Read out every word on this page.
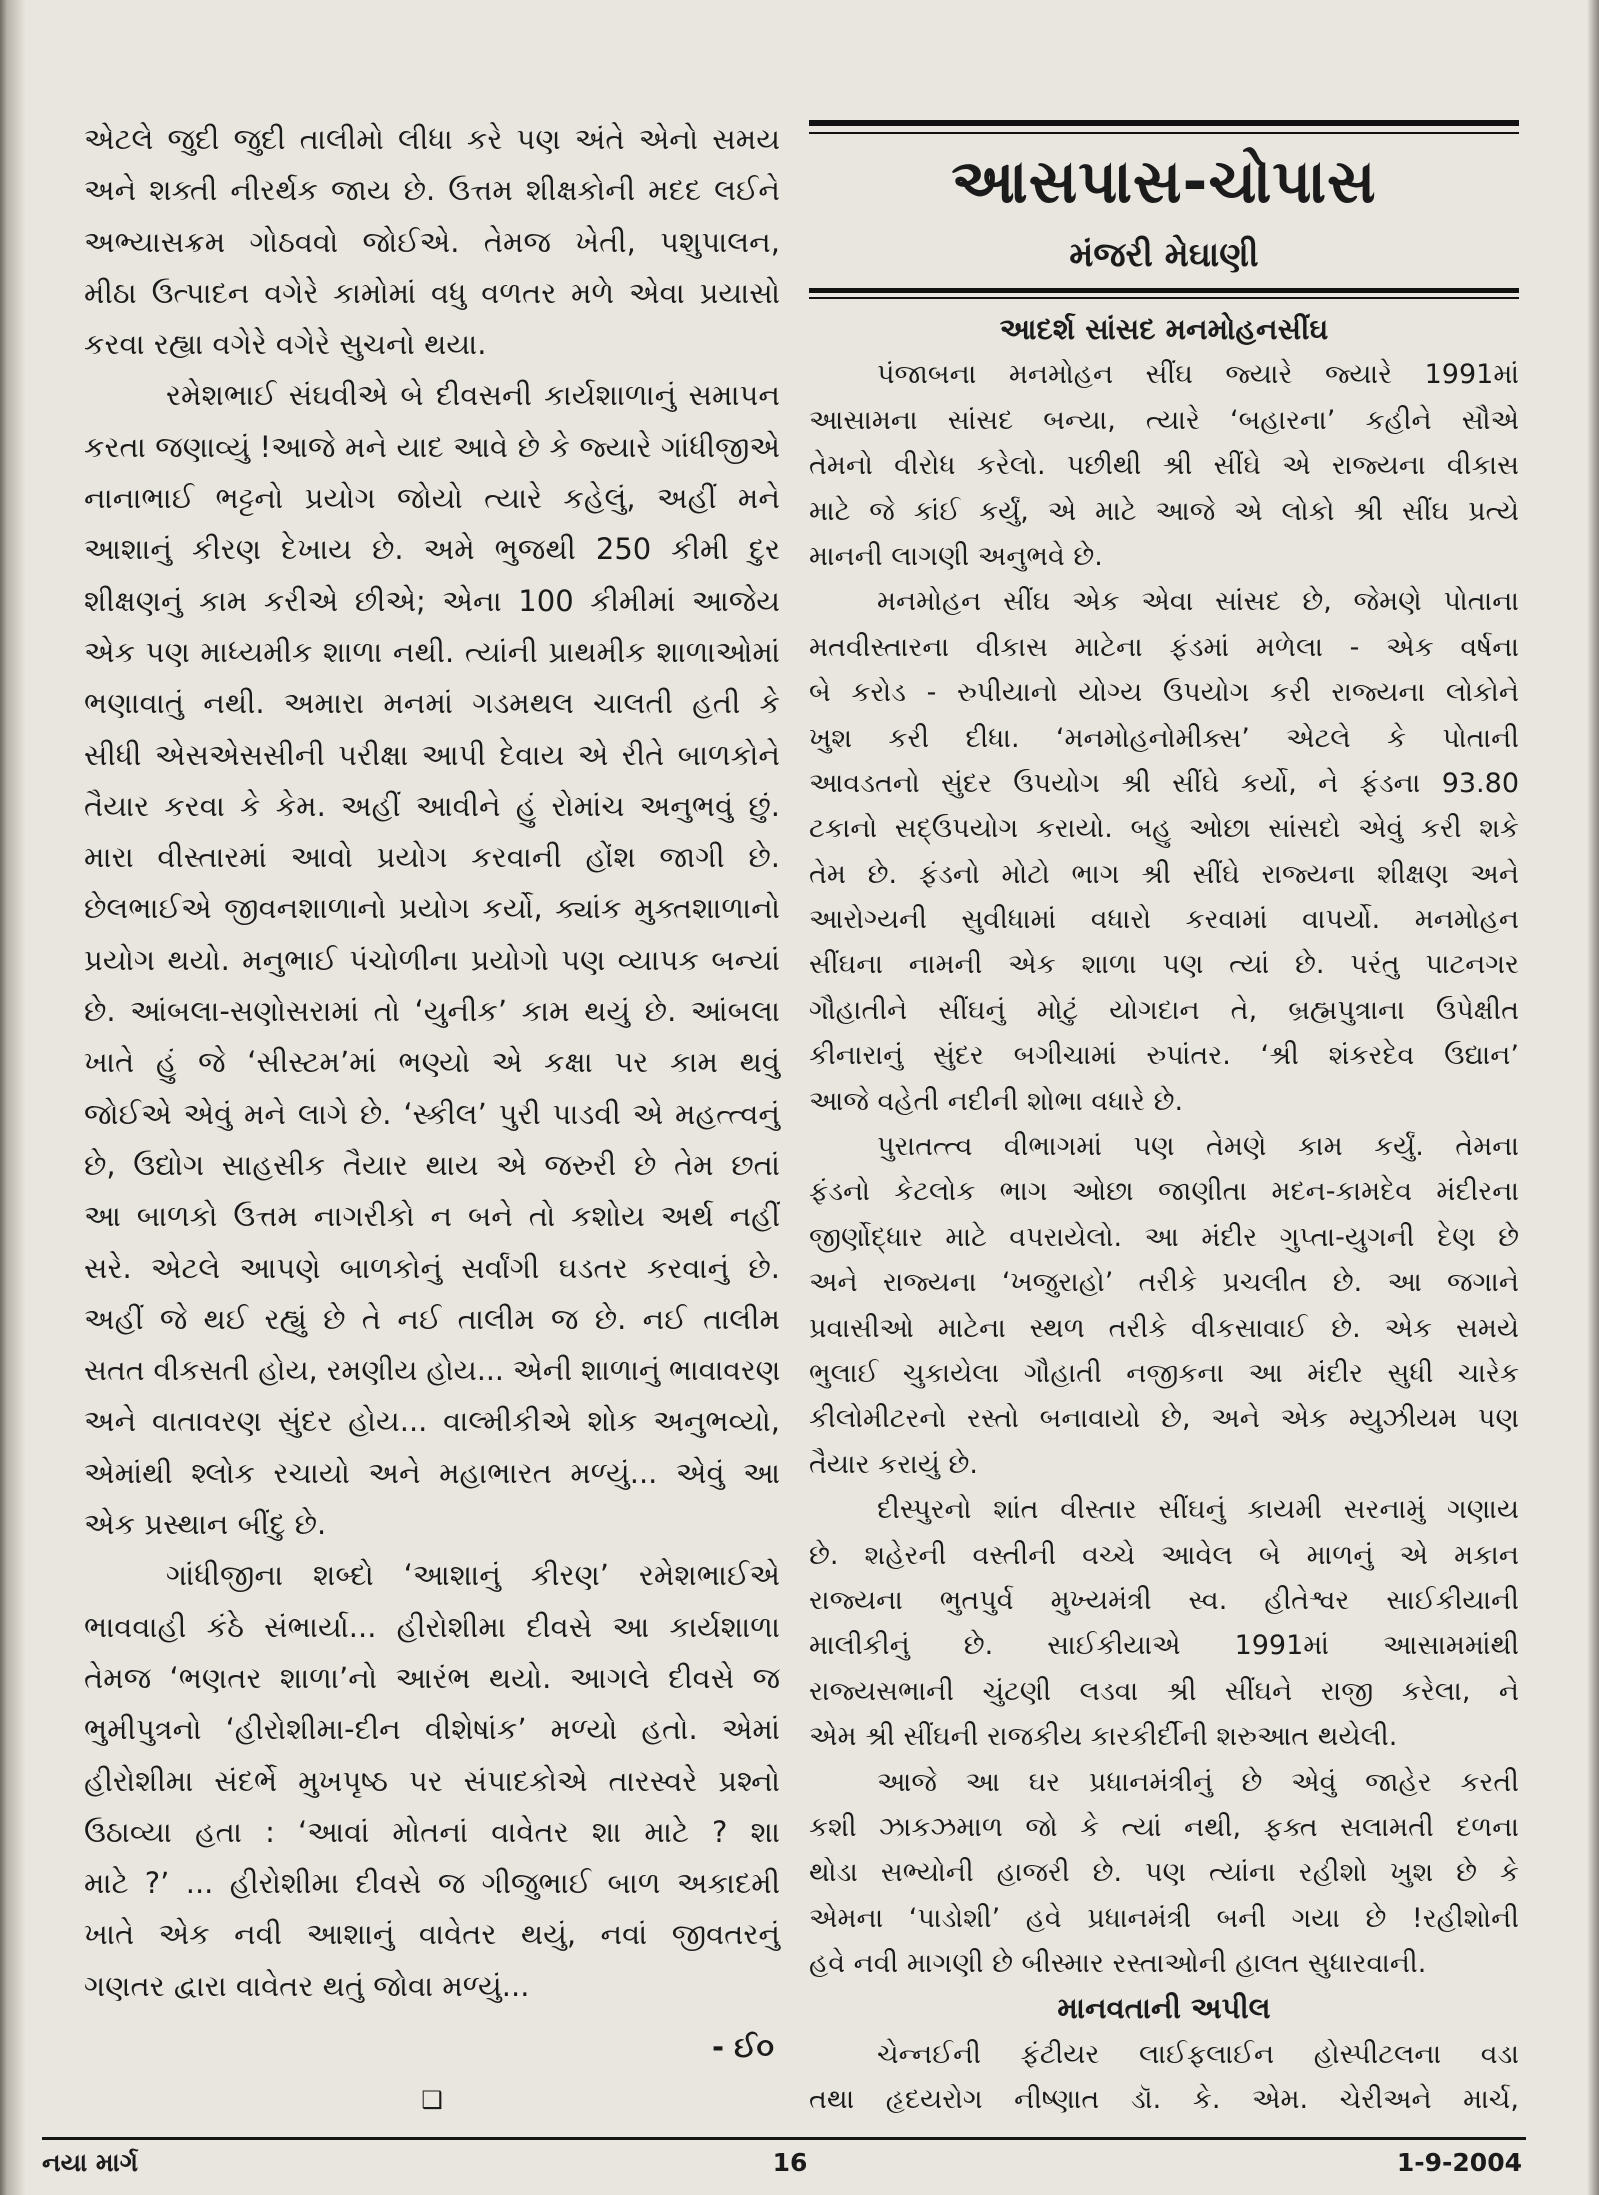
એટલે જુદી જુદી તાલીમો લીધા કરે પણ અંતે એનો સમય
અને શક્તી નીરર્થક જાય છે. ઉત્તમ શીક્ષકોની મદદ લઈને
અભ્યાસક્રમ ગોઠવવો જોઈએ. તેમજ ખેતી, પશુપાલન,
મીઠા ઉત્પાદન વગેરે કામોમાં વધુ વળતર મળે એવા પ્રયાસો
કરવા રહ્યા વગેરે વગેરે સુચનો થયા.
રમેશભાઈ સંઘવીએ બે દીવસની કાર્યશાળાનું સમાપન
કરતા જણાવ્યું !આજે મને યાદ આવે છે કે જ્યારે ગાંધીજીએ
નાનાભાઈ ભટ્ટનો પ્રયોગ જોયો ત્યારે કહેલું, અહીં મને
આશાનું કીરણ દેખાય છે. અમે ભુજથી 250 કીમી દુર
શીક્ષણનું કામ કરીએ છીએ; એના 100 કીમીમાં આજેય
એક પણ માધ્યમીક શાળા નથી. ત્યાંની પ્રાથમીક શાળાઓમાં
ભણાવાતું નથી. અમારા મનમાં ગડમથલ ચાલતી હતી કે
સીધી એસએસસીની પરીક્ષા આપી દેવાય એ રીતે બાળકોને
તૈયાર કરવા કે કેમ. અહીં આવીને હું રોમાંચ અનુભવું છું.
મારા વીસ્તારમાં આવો પ્રયોગ કરવાની હોંશ જાગી છે.
છેલભાઈએ જીવનશાળાનો પ્રયોગ કર્યો, ક્યાંક મુક્તશાળાનો
પ્રયોગ થયો. મનુભાઈ પંચોળીના પ્રયોગો પણ વ્યાપક બન્યાં
છે. આંબલા-સણોસરામાં તો ‘યુનીક’ કામ થયું છે. આંબલા
ખાતે હું જે ‘સીસ્ટમ’માં ભણ્યો એ કક્ષા પર કામ થવું
જોઈએ એવું મને લાગે છે. ‘સ્કીલ’ પુરી પાડવી એ મહત્ત્વનું
છે, ઉદ્યોગ સાહસીક તૈયાર થાય એ જરુરી છે તેમ છતાં
આ બાળકો ઉત્તમ નાગરીકો ન બને તો કશોય અર્થ નહીં
સરે. એટલે આપણે બાળકોનું સર્વાંગી ઘડતર કરવાનું છે.
અહીં જે થઈ રહ્યું છે તે નઈ તાલીમ જ છે. નઈ તાલીમ
સતત વીકસતી હોય, રમણીય હોય... એની શાળાનું ભાવાવરણ
અને વાતાવરણ સુંદર હોય... વાલ્મીકીએ શોક અનુભવ્યો,
એમાંથી શ્લોક રચાયો અને મહાભારત મળ્યું... એવું આ
એક પ્રસ્થાન બીંદુ છે.
ગાંધીજીના શબ્દો ‘આશાનું કીરણ’ રમેશભાઈએ
ભાવવાહી કંઠે સંભાર્યા... હીરોશીમા દીવસે આ કાર્યશાળા
તેમજ ‘ભણતર શાળા’નો આરંભ થયો. આગલે દીવસે જ
ભુમીપુત્રનો ‘હીરોશીમા-દીન વીશેષાંક’ મળ્યો હતો. એમાં
હીરોશીમા સંદર્ભે મુખપૃષ્ઠ પર સંપાદકોએ તારસ્વરે પ્રશ્નો
ઉઠાવ્યા હતા : ‘આવાં મોતનાં વાવેતર શા માટે ? શા
માટે ?’ ... હીરોશીમા દીવસે જ ગીજુભાઈ બાળ અકાદમી
ખાતે એક નવી આશાનું વાવેતર થયું, નવાં જીવતરનું
ગણતર દ્વારા વાવેતર થતું જોવા મળ્યું...
- ઈ૦
❑
આસપાસ-ચોપાસ
મંજરી મેઘાણી
આદર્શ સાંસદ મનમોહનસીંઘ
પંજાબના મનમોહન સીંઘ જ્યારે જ્યારે 1991માં
આસામના સાંસદ બન્યા, ત્યારે ‘બહારના’ કહીને સૌએ
તેમનો વીરોધ કરેલો. પછીથી શ્રી સીંઘે એ રાજ્યના વીકાસ
માટે જે કાંઈ કર્યું, એ માટે આજે એ લોકો શ્રી સીંઘ પ્રત્યે
માનની લાગણી અનુભવે છે.
મનમોહન સીંઘ એક એવા સાંસદ છે, જેમણે પોતાના
મતવીસ્તારના વીકાસ માટેના ફંડમાં મળેલા - એક વર્ષના
બે કરોડ - રુપીયાનો યોગ્ય ઉપયોગ કરી રાજ્યના લોકોને
ખુશ કરી દીધા. ‘મનમોહનોમીક્સ’ એટલે કે પોતાની
આવડતનો સુંદર ઉપયોગ શ્રી સીંઘે કર્યો, ને ફંડના 93.80
ટકાનો સદ્ઉપયોગ કરાયો. બહુ ઓછા સાંસદો એવું કરી શકે
તેમ છે. ફંડનો મોટો ભાગ શ્રી સીંઘે રાજ્યના શીક્ષણ અને
આરોગ્યની સુવીધામાં વધારો કરવામાં વાપર્યો. મનમોહન
સીંઘના નામની એક શાળા પણ ત્યાં છે. પરંતુ પાટનગર
ગૌહાતીને સીંઘનું મોટું યોગદાન તે, બ્રહ્મપુત્રાના ઉપેક્ષીત
કીનારાનું સુંદર બગીચામાં રુપાંતર. ‘શ્રી શંકરદેવ ઉદ્યાન’
આજે વહેતી નદીની શોભા વધારે છે.
પુરાતત્ત્વ વીભાગમાં પણ તેમણે કામ કર્યું. તેમના
ફંડનો કેટલોક ભાગ ઓછા જાણીતા મદન-કામદેવ મંદીરના
જીર્ણોદ્ધાર માટે વપરાયેલો. આ મંદીર ગુપ્તા-યુગની દેણ છે
અને રાજ્યના ‘ખજુરાહો’ તરીકે પ્રચલીત છે. આ જગાને
પ્રવાસીઓ માટેના સ્થળ તરીકે વીકસાવાઈ છે. એક સમયે
ભુલાઈ ચુકાયેલા ગૌહાતી નજીકના આ મંદીર સુધી ચારેક
કીલોમીટરનો રસ્તો બનાવાયો છે, અને એક મ્યુઝીયમ પણ
તૈયાર કરાયું છે.
દીસ્પુરનો શાંત વીસ્તાર સીંઘનું કાયમી સરનામું ગણાય
છે. શહેરની વસ્તીની વચ્ચે આવેલ બે માળનું એ મકાન
રાજ્યના ભુતપુર્વ મુખ્યમંત્રી સ્વ. હીતેશ્વર સાઈકીયાની
માલીકીનું છે. સાઈકીયાએ 1991માં આસામમાંથી
રાજ્યસભાની ચુંટણી લડવા શ્રી સીંઘને રાજી કરેલા, ને
એમ શ્રી સીંઘની રાજકીય કારકીર્દીની શરુઆત થયેલી.
આજે આ ઘર પ્રધાનમંત્રીનું છે એવું જાહેર કરતી
કશી ઝાકઝમાળ જો કે ત્યાં નથી, ફક્ત સલામતી દળના
થોડા સભ્યોની હાજરી છે. પણ ત્યાંના રહીશો ખુશ છે કે
એમના ‘પાડોશી’ હવે પ્રધાનમંત્રી બની ગયા છે !રહીશોની
હવે નવી માગણી છે બીસ્માર રસ્તાઓની હાલત સુધારવાની.
માનવતાની અપીલ
ચેન્નઈની ફંટીયર લાઈફલાઈન હોસ્પીટલના વડા
તથા હૃદયરોગ નીષ્ણાત ડૉ. કે. એમ. ચેરીઅને માર્ચ,
નયા માર્ગ	16	1-9-2004
